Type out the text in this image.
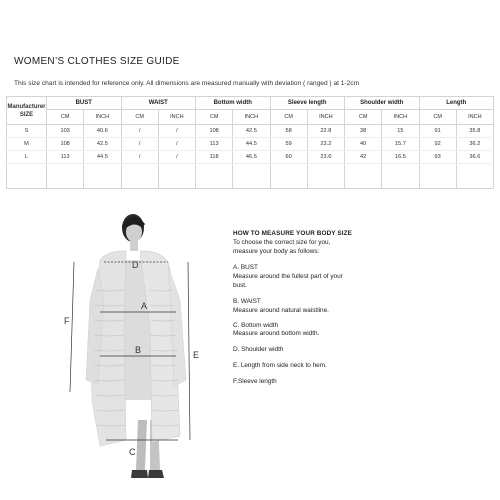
WOMEN’S CLOTHES SIZE GUIDE
This size chart is intended for reference only. All dimensions are measured manually with deviation ( ranged ) at 1-2cm
Manufacturer SIZE	BUST		WAIST		Bottom width		Sleeve length		Shoulder width		Length	
	CM	INCH	CM	INCH	CM	INCH	CM	INCH	CM	INCH	CM	INCH
S	103	40.6	/	/	108	42.5	58	22.8	38	15	91	35.8
M	108	42.5	/	/	113	44.5	59	23.2	40	15.7	92	36.2
L	113	44.5	/	/	118	46.5	60	23.6	42	16.5	93	36.6

D
A
B
C
E
F
HOW TO MEASURE YOUR BODY SIZE
To choose the correct size for you,
measure your body as follows:
A. BUST
Measure around the fullest part of your
bust.
B. WAIST
Measure around natural waistline.
C. Bottom width
Measure around bottom width.
D. Shoulder width
E. Length from side neck to hem.
F.Sleeve length
